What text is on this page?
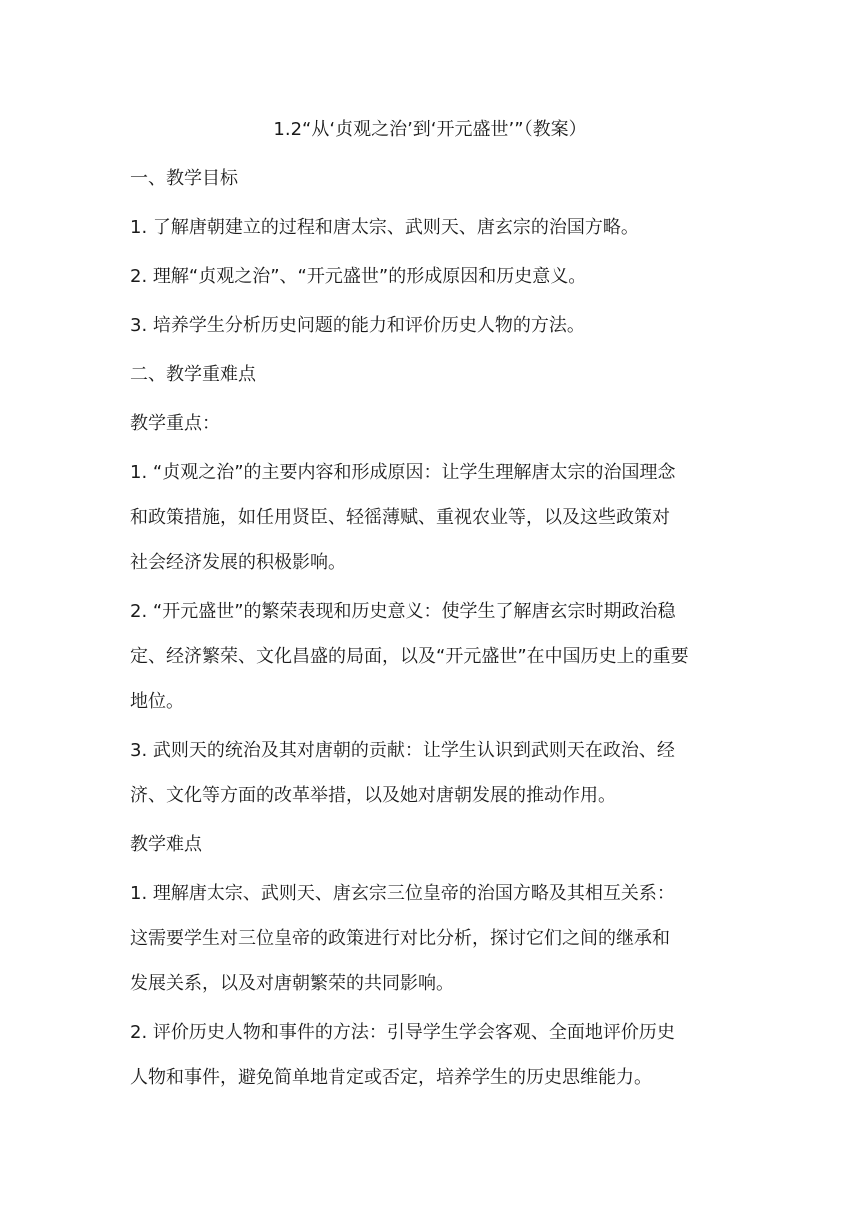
1.2“从‘贞观之治’到‘开元盛世’”（教案）

一、教学目标

1. 了解唐朝建立的过程和唐太宗、武则天、唐玄宗的治国方略。

2. 理解“贞观之治”、“开元盛世”的形成原因和历史意义。

3. 培养学生分析历史问题的能力和评价历史人物的方法。

二、教学重难点

教学重点：

1. “贞观之治”的主要内容和形成原因：让学生理解唐太宗的治国理念

和政策措施，如任用贤臣、轻徭薄赋、重视农业等，以及这些政策对

社会经济发展的积极影响。

2. “开元盛世”的繁荣表现和历史意义：使学生了解唐玄宗时期政治稳

定、经济繁荣、文化昌盛的局面，以及“开元盛世”在中国历史上的重要

地位。

3. 武则天的统治及其对唐朝的贡献：让学生认识到武则天在政治、经

济、文化等方面的改革举措，以及她对唐朝发展的推动作用。

教学难点

1. 理解唐太宗、武则天、唐玄宗三位皇帝的治国方略及其相互关系：

这需要学生对三位皇帝的政策进行对比分析，探讨它们之间的继承和

发展关系，以及对唐朝繁荣的共同影响。

2. 评价历史人物和事件的方法：引导学生学会客观、全面地评价历史

人物和事件，避免简单地肯定或否定，培养学生的历史思维能力。
